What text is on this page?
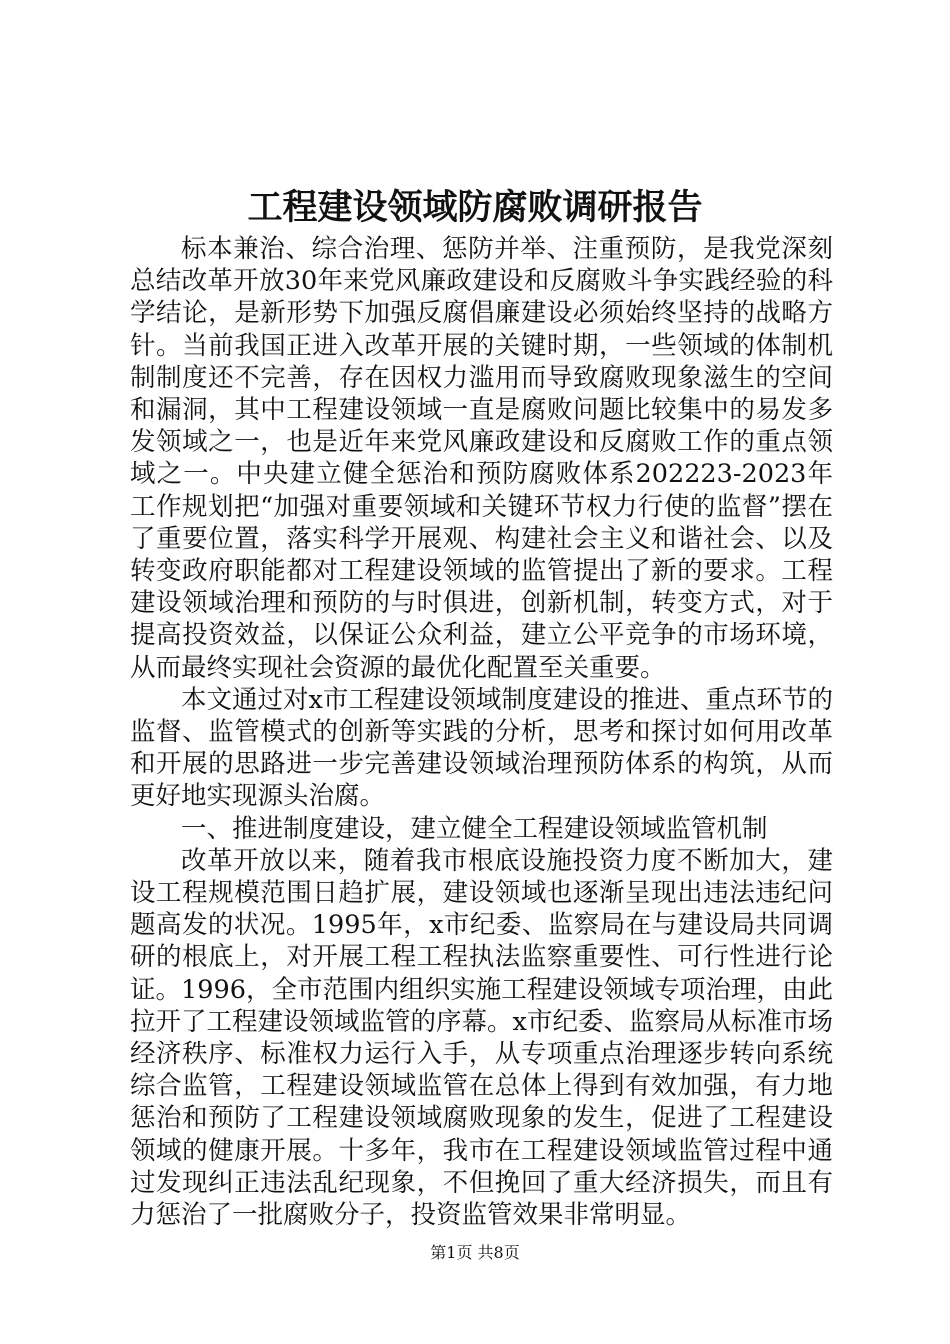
工程建设领域防腐败调研报告

标本兼治、综合治理、惩防并举、注重预防，是我党深刻总结改革开放30年来党风廉政建设和反腐败斗争实践经验的科学结论，是新形势下加强反腐倡廉建设必须始终坚持的战略方针。当前我国正进入改革开展的关键时期，一些领域的体制机制制度还不完善，存在因权力滥用而导致腐败现象滋生的空间和漏洞，其中工程建设领域一直是腐败问题比较集中的易发多发领域之一，也是近年来党风廉政建设和反腐败工作的重点领域之一。中央建立健全惩治和预防腐败体系202223-2023年工作规划把“加强对重要领域和关键环节权力行使的监督”摆在了重要位置，落实科学开展观、构建社会主义和谐社会、以及转变政府职能都对工程建设领域的监管提出了新的要求。工程建设领域治理和预防的与时俱进，创新机制，转变方式，对于提高投资效益，以保证公众利益，建立公平竞争的市场环境，从而最终实现社会资源的最优化配置至关重要。

本文通过对x市工程建设领域制度建设的推进、重点环节的监督、监管模式的创新等实践的分析，思考和探讨如何用改革和开展的思路进一步完善建设领域治理预防体系的构筑，从而更好地实现源头治腐。

一、推进制度建设，建立健全工程建设领域监管机制

改革开放以来，随着我市根底设施投资力度不断加大，建设工程规模范围日趋扩展，建设领域也逐渐呈现出违法违纪问题高发的状况。1995年，x市纪委、监察局在与建设局共同调研的根底上，对开展工程工程执法监察重要性、可行性进行论证。1996，全市范围内组织实施工程建设领域专项治理，由此拉开了工程建设领域监管的序幕。x市纪委、监察局从标准市场经济秩序、标准权力运行入手，从专项重点治理逐步转向系统综合监管，工程建设领域监管在总体上得到有效加强，有力地惩治和预防了工程建设领域腐败现象的发生，促进了工程建设领域的健康开展。十多年，我市在工程建设领域监管过程中通过发现纠正违法乱纪现象，不但挽回了重大经济损失，而且有力惩治了一批腐败分子，投资监管效果非常明显。

第1页 共8页
